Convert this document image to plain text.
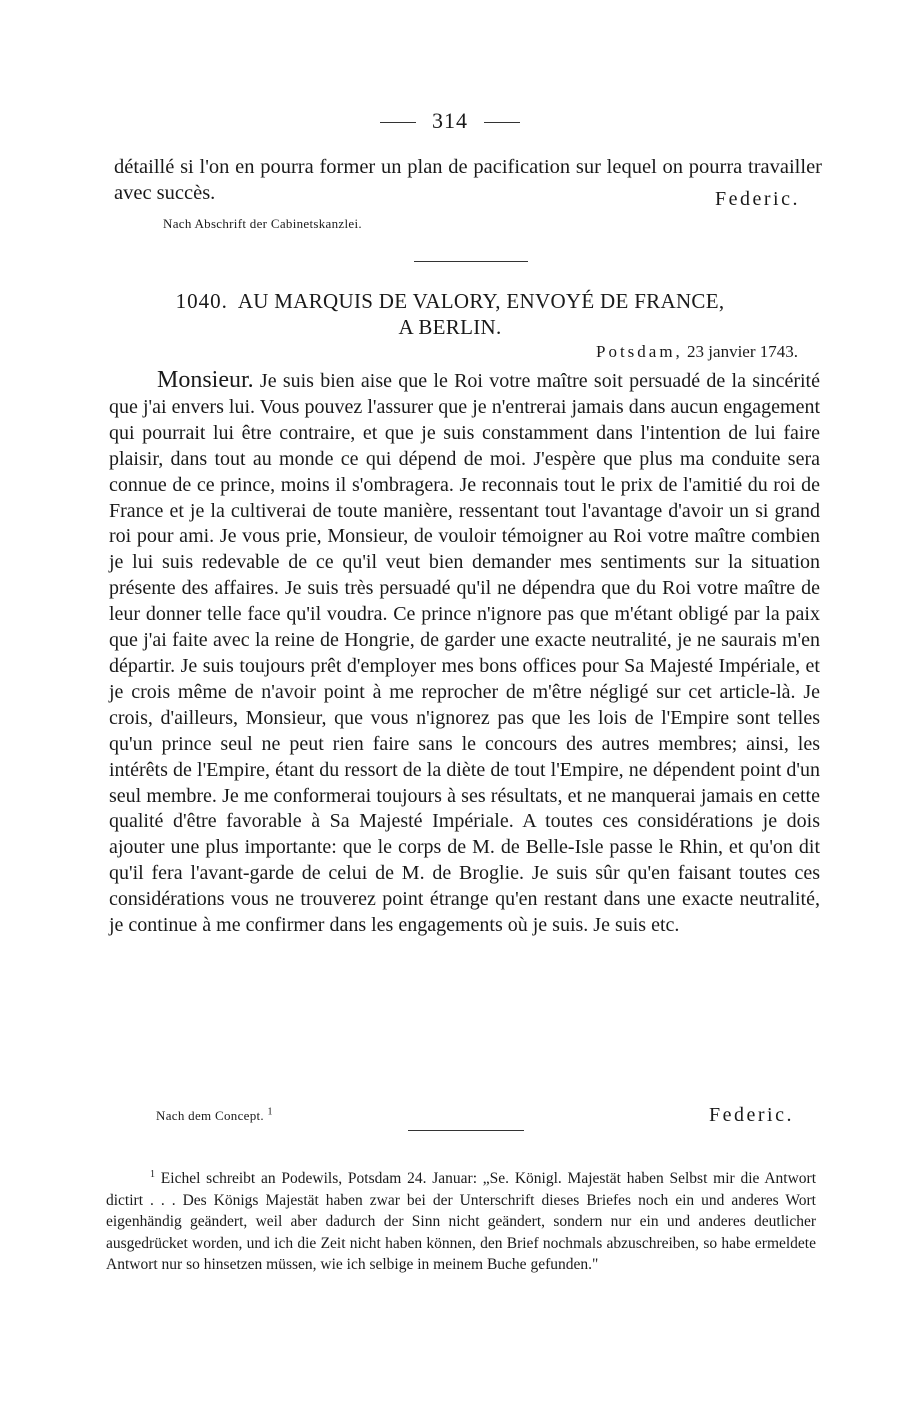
314

détaillé si l'on en pourra former un plan de pacification sur lequel on pourra travailler avec succès.	Federic.
Nach Abschrift der Cabinetskanzlei.
1040. AU MARQUIS DE VALORY, ENVOYÉ DE FRANCE,
A BERLIN.
Potsdam, 23 janvier 1743.

Monsieur. Je suis bien aise que le Roi votre maître soit persuadé de la sincérité que j'ai envers lui. Vous pouvez l'assurer que je n'entrerai jamais dans aucun engagement qui pourrait lui être contraire, et que je suis constamment dans l'intention de lui faire plaisir, dans tout au monde ce qui dépend de moi. J'espère que plus ma conduite sera connue de ce prince, moins il s'ombragera. Je reconnais tout le prix de l'amitié du roi de France et je la cultiverai de toute manière, ressentant tout l'avantage d'avoir un si grand roi pour ami. Je vous prie, Monsieur, de vouloir témoigner au Roi votre maître combien je lui suis redevable de ce qu'il veut bien demander mes sentiments sur la situation présente des affaires. Je suis très persuadé qu'il ne dépendra que du Roi votre maître de leur donner telle face qu'il voudra. Ce prince n'ignore pas que m'étant obligé par la paix que j'ai faite avec la reine de Hongrie, de garder une exacte neutralité, je ne saurais m'en départir. Je suis toujours prêt d'employer mes bons offices pour Sa Majesté Impériale, et je crois même de n'avoir point à me reprocher de m'être négligé sur cet article-là. Je crois, d'ailleurs, Monsieur, que vous n'ignorez pas que les lois de l'Empire sont telles qu'un prince seul ne peut rien faire sans le concours des autres membres; ainsi, les intérêts de l'Empire, étant du ressort de la diète de tout l'Empire, ne dépendent point d'un seul membre. Je me conformerai toujours à ses résultats, et ne manquerai jamais en cette qualité d'être favorable à Sa Majesté Impériale. A toutes ces considérations je dois ajouter une plus importante: que le corps de M. de Belle-Isle passe le Rhin, et qu'on dit qu'il fera l'avant-garde de celui de M. de Broglie. Je suis sûr qu'en faisant toutes ces considérations vous ne trouverez point étrange qu'en restant dans une exacte neutralité, je continue à me confirmer dans les engagements où je suis. Je suis etc.

Nach dem Concept. $^1$	Federic.

$^1$ Eichel schreibt an Podewils, Potsdam 24. Januar: „Se. Königl. Majestät haben Selbst mir die Antwort dictirt . . . Des Königs Majestät haben zwar bei der Unterschrift dieses Briefes noch ein und anderes Wort eigenhändig geändert, weil aber dadurch der Sinn nicht geändert, sondern nur ein und anderes deutlicher ausgedrücket worden, und ich die Zeit nicht haben können, den Brief nochmals abzuschreiben, so habe ermeldete Antwort nur so hinsetzen müssen, wie ich selbige in meinem Buche gefunden."
